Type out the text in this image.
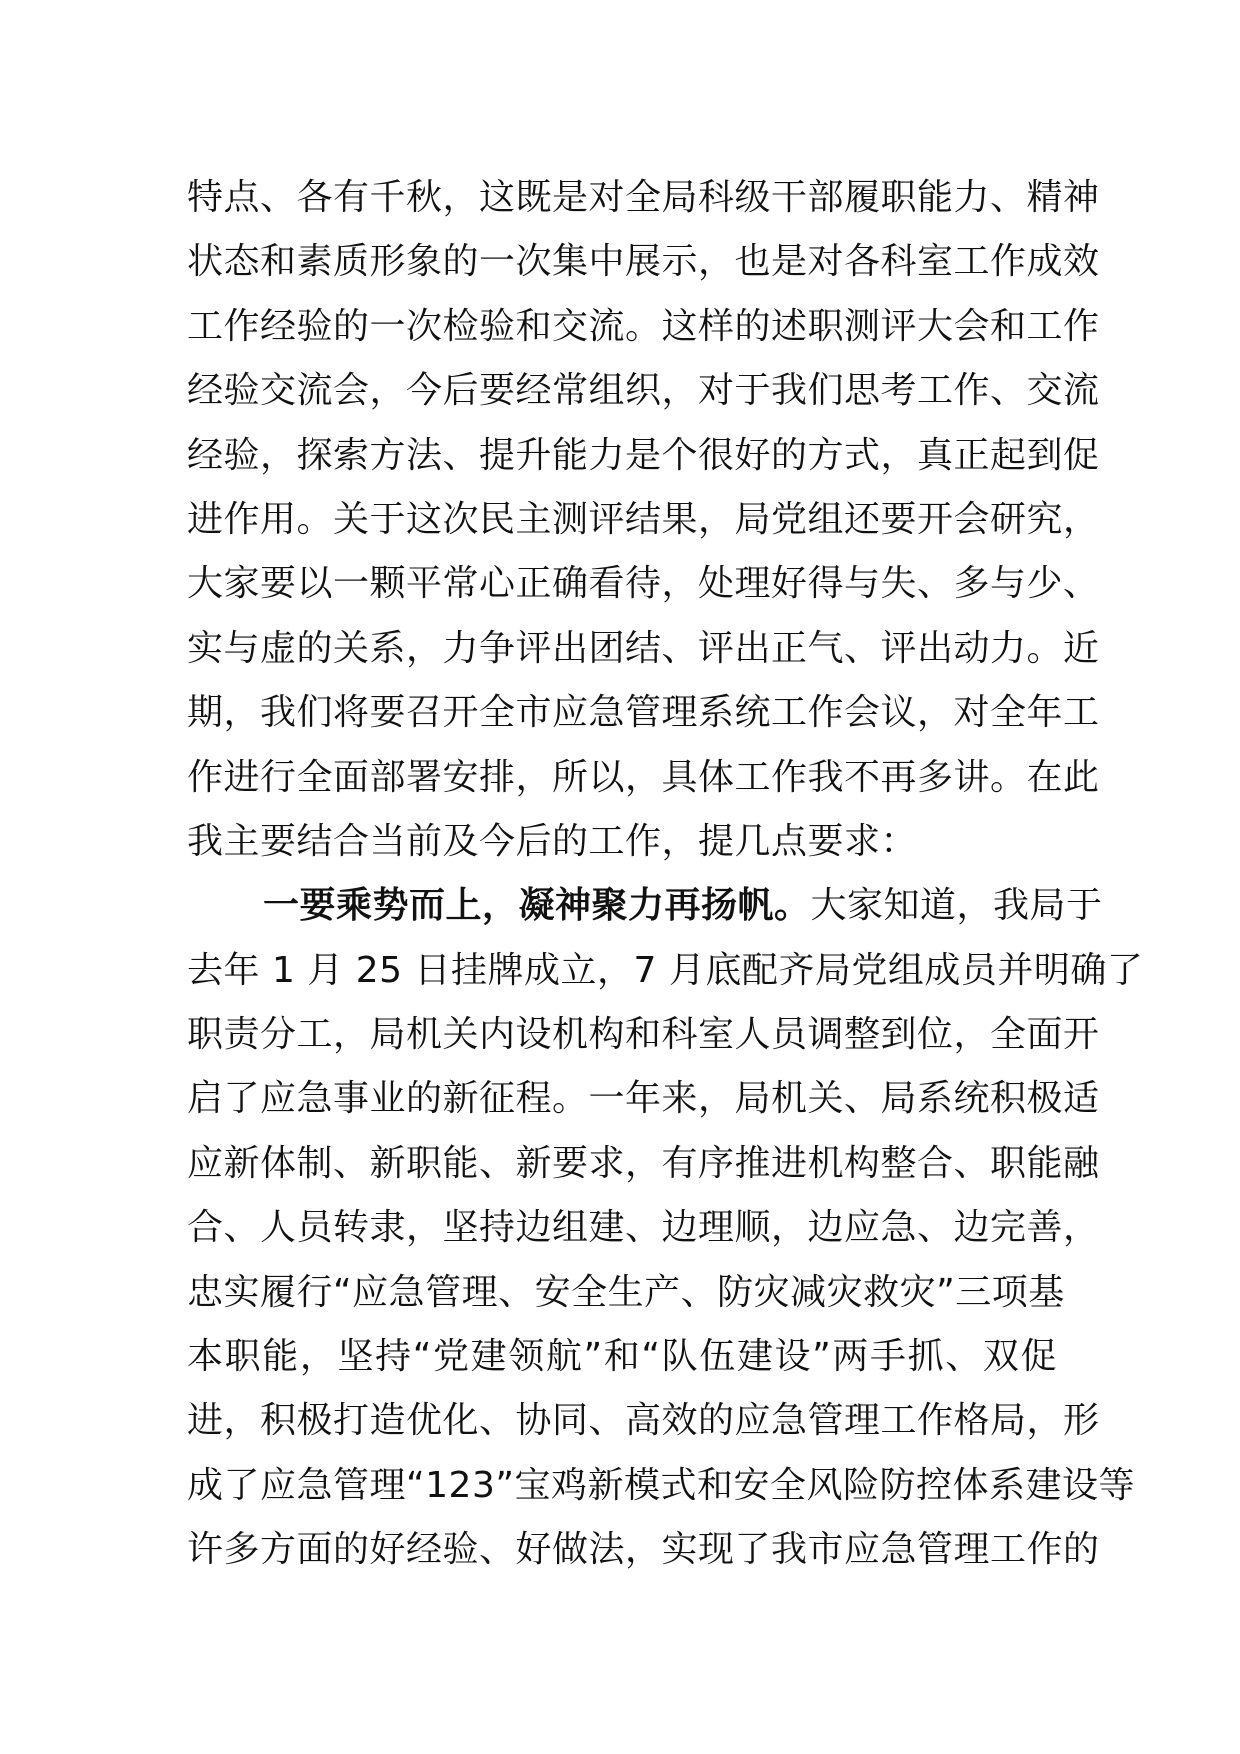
特点、各有千秋，这既是对全局科级干部履职能力、精神
状态和素质形象的一次集中展示，也是对各科室工作成效
工作经验的一次检验和交流。这样的述职测评大会和工作
经验交流会，今后要经常组织，对于我们思考工作、交流
经验，探索方法、提升能力是个很好的方式，真正起到促
进作用。关于这次民主测评结果，局党组还要开会研究，
大家要以一颗平常心正确看待，处理好得与失、多与少、
实与虚的关系，力争评出团结、评出正气、评出动力。近
期，我们将要召开全市应急管理系统工作会议，对全年工
作进行全面部署安排，所以，具体工作我不再多讲。在此
我主要结合当前及今后的工作，提几点要求：
一要乘势而上，凝神聚力再扬帆。大家知道，我局于
去年 1 月 25 日挂牌成立，7 月底配齐局党组成员并明确了
职责分工，局机关内设机构和科室人员调整到位，全面开
启了应急事业的新征程。一年来，局机关、局系统积极适
应新体制、新职能、新要求，有序推进机构整合、职能融
合、人员转隶，坚持边组建、边理顺，边应急、边完善，
忠实履行“应急管理、安全生产、防灾减灾救灾”三项基
本职能，坚持“党建领航”和“队伍建设”两手抓、双促
进，积极打造优化、协同、高效的应急管理工作格局，形
成了应急管理“123”宝鸡新模式和安全风险防控体系建设等
许多方面的好经验、好做法，实现了我市应急管理工作的
